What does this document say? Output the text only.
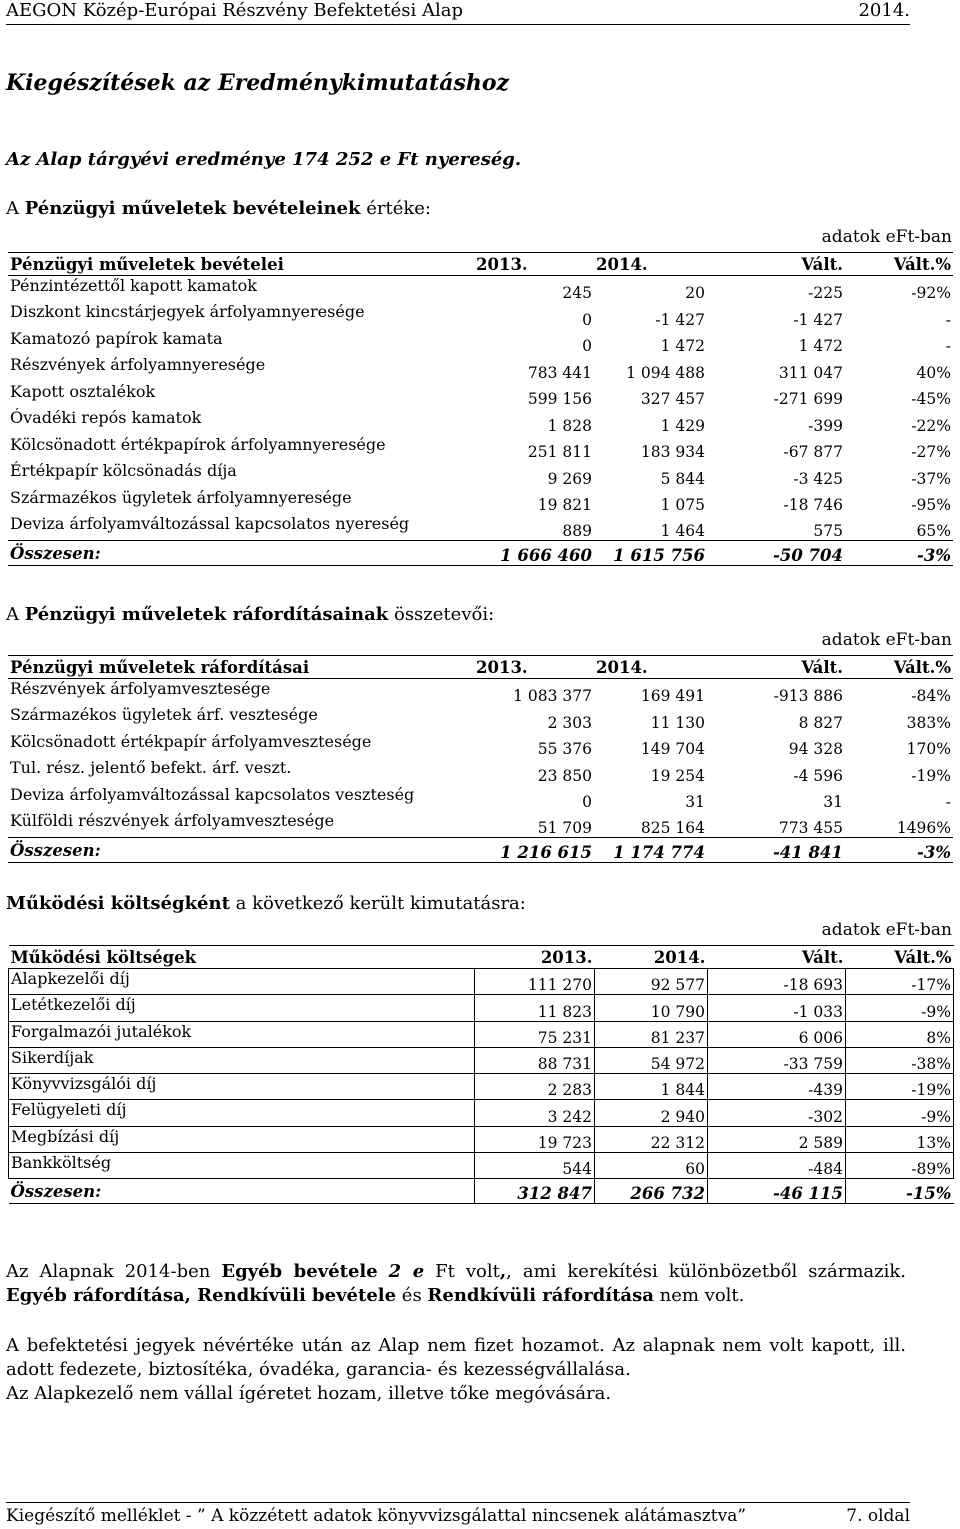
AEGON Közép-Európai Részvény Befektetési Alap	2014.
Kiegészítések az Eredménykimutatáshoz
Az Alap tárgyévi eredménye 174 252 e Ft nyereség.
A Pénzügyi műveletek bevételeinek értéke:
adatok eFt-ban
Pénzügyi műveletek bevételei	2013.	2014.	Vált.	Vált.%
Pénzintézettől kapott kamatok	245	20	-225	-92%
Diszkont kincstárjegyek árfolyamnyeresége	0	-1 427	-1 427	-
Kamatozó papírok kamata	0	1 472	1 472	-
Részvények árfolyamnyeresége	783 441	1 094 488	311 047	40%
Kapott osztalékok	599 156	327 457	-271 699	-45%
Óvadéki repós kamatok	1 828	1 429	-399	-22%
Kölcsönadott értékpapírok árfolyamnyeresége	251 811	183 934	-67 877	-27%
Értékpapír kölcsönadás díja	9 269	5 844	-3 425	-37%
Származékos ügyletek árfolyamnyeresége	19 821	1 075	-18 746	-95%
Deviza árfolyamváltozással kapcsolatos nyereség	889	1 464	575	65%
Összesen:	1 666 460	1 615 756	-50 704	-3%
A Pénzügyi műveletek ráfordításainak összetevői:
adatok eFt-ban
Pénzügyi műveletek ráfordításai	2013.	2014.	Vált.	Vált.%
Részvények árfolyamvesztesége	1 083 377	169 491	-913 886	-84%
Származékos ügyletek árf. vesztesége	2 303	11 130	8 827	383%
Kölcsönadott értékpapír árfolyamvesztesége	55 376	149 704	94 328	170%
Tul. rész. jelentő befekt. árf. veszt.	23 850	19 254	-4 596	-19%
Deviza árfolyamváltozással kapcsolatos veszteség	0	31	31	-
Külföldi részvények árfolyamvesztesége	51 709	825 164	773 455	1496%
Összesen:	1 216 615	1 174 774	-41 841	-3%
Működési költségként a következő került kimutatásra:
adatok eFt-ban
Működési költségek	2013.	2014.	Vált.	Vált.%
Alapkezelői díj	111 270	92 577	-18 693	-17%
Letétkezelői díj	11 823	10 790	-1 033	-9%
Forgalmazói jutalékok	75 231	81 237	6 006	8%
Sikerdíjak	88 731	54 972	-33 759	-38%
Könyvvizsgálói díj	2 283	1 844	-439	-19%
Felügyeleti díj	3 242	2 940	-302	-9%
Megbízási díj	19 723	22 312	2 589	13%
Bankköltség	544	60	-484	-89%
Összesen:	312 847	266 732	-46 115	-15%
Az Alapnak 2014-ben Egyéb bevétele 2 e Ft volt,, ami kerekítési különbözetből származik. Egyéb ráfordítása, Rendkívüli bevétele és Rendkívüli ráfordítása nem volt.
A befektetési jegyek névértéke után az Alap nem fizet hozamot. Az alapnak nem volt kapott, ill. adott fedezete, biztosítéka, óvadéka, garancia- és kezességvállalása.
Az Alapkezelő nem vállal ígéretet hozam, illetve tőke megóvására.
Kiegészítő melléklet - ” A közzétett adatok könyvvizsgálattal nincsenek alátámasztva”	7. oldal
